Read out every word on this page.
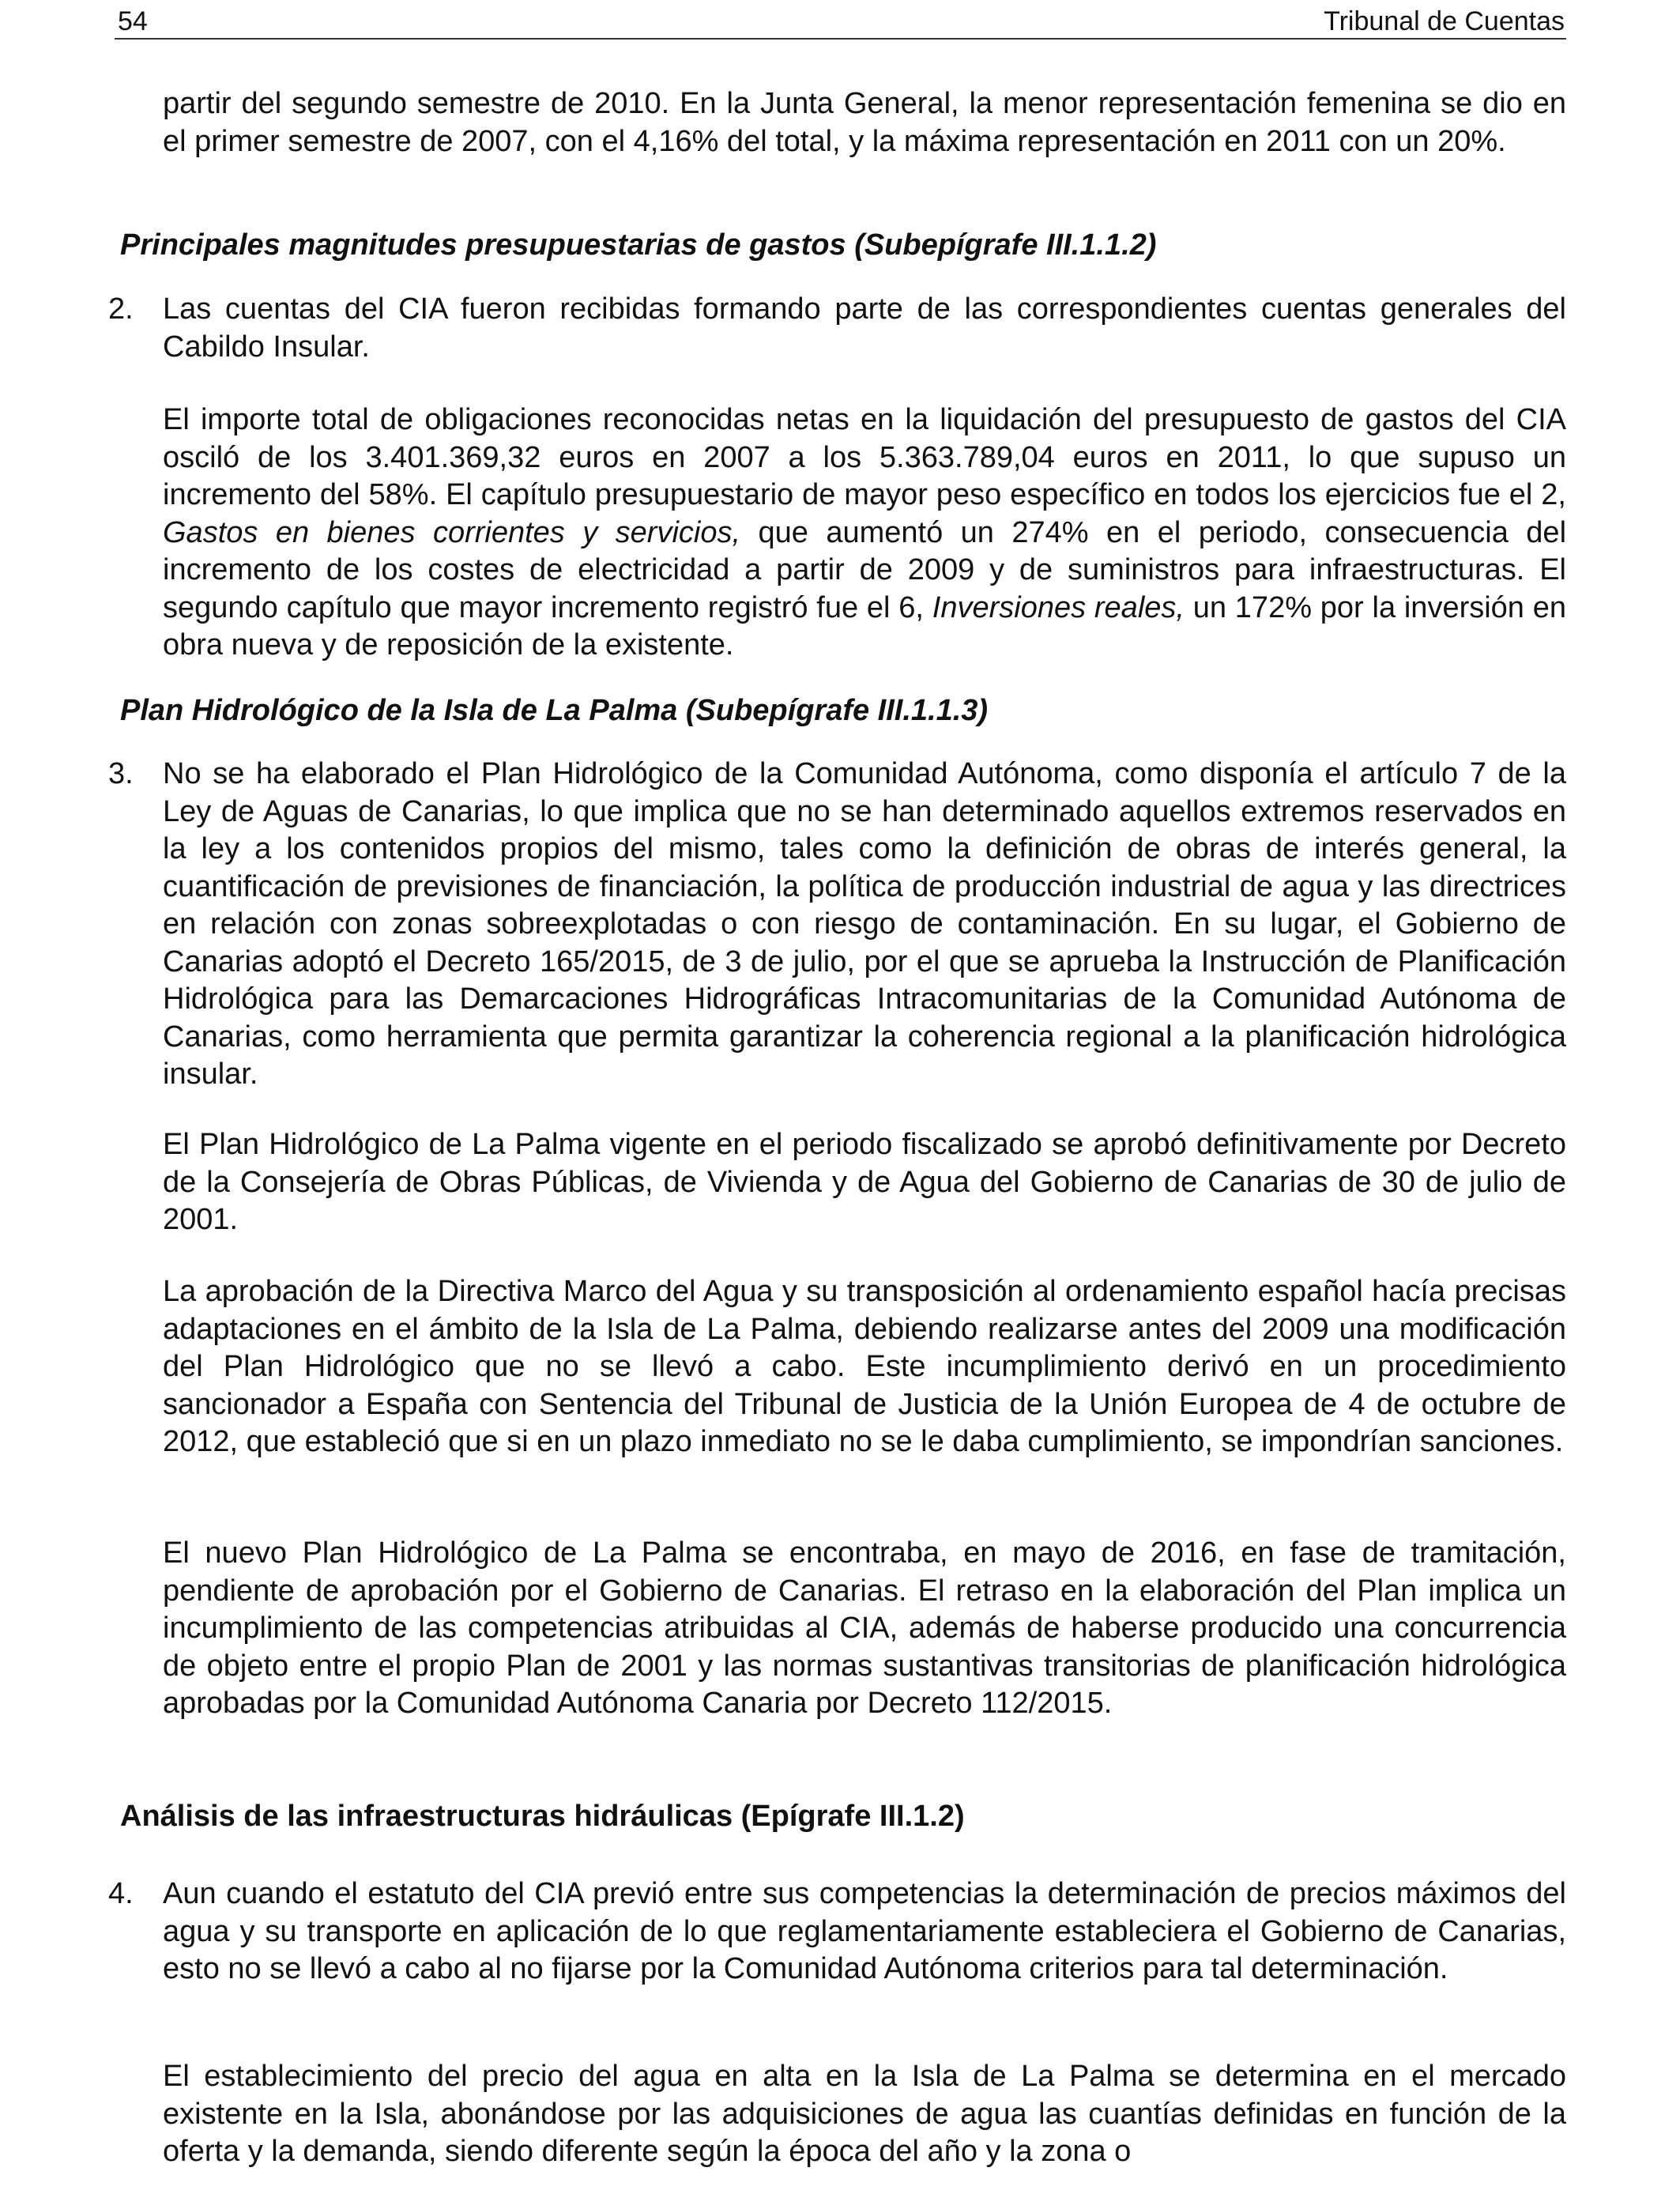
54	Tribunal de Cuentas

partir del segundo semestre de 2010. En la Junta General, la menor representación femenina se dio en el primer semestre de 2007, con el 4,16% del total, y la máxima representación en 2011 con un 20%.

Principales magnitudes presupuestarias de gastos (Subepígrafe III.1.1.2)
2. Las cuentas del CIA fueron recibidas formando parte de las correspondientes cuentas generales del Cabildo Insular.

El importe total de obligaciones reconocidas netas en la liquidación del presupuesto de gastos del CIA osciló de los 3.401.369,32 euros en 2007 a los 5.363.789,04 euros en 2011, lo que supuso un incremento del 58%. El capítulo presupuestario de mayor peso específico en todos los ejercicios fue el 2, Gastos en bienes corrientes y servicios, que aumentó un 274% en el periodo, consecuencia del incremento de los costes de electricidad a partir de 2009 y de suministros para infraestructuras. El segundo capítulo que mayor incremento registró fue el 6, Inversiones reales, un 172% por la inversión en obra nueva y de reposición de la existente.

Plan Hidrológico de la Isla de La Palma (Subepígrafe III.1.1.3)
3. No se ha elaborado el Plan Hidrológico de la Comunidad Autónoma, como disponía el artículo 7 de la Ley de Aguas de Canarias, lo que implica que no se han determinado aquellos extremos reservados en la ley a los contenidos propios del mismo, tales como la definición de obras de interés general, la cuantificación de previsiones de financiación, la política de producción industrial de agua y las directrices en relación con zonas sobreexplotadas o con riesgo de contaminación. En su lugar, el Gobierno de Canarias adoptó el Decreto 165/2015, de 3 de julio, por el que se aprueba la Instrucción de Planificación Hidrológica para las Demarcaciones Hidrográficas Intracomunitarias de la Comunidad Autónoma de Canarias, como herramienta que permita garantizar la coherencia regional a la planificación hidrológica insular.

El Plan Hidrológico de La Palma vigente en el periodo fiscalizado se aprobó definitivamente por Decreto de la Consejería de Obras Públicas, de Vivienda y de Agua del Gobierno de Canarias de 30 de julio de 2001.

La aprobación de la Directiva Marco del Agua y su transposición al ordenamiento español hacía precisas adaptaciones en el ámbito de la Isla de La Palma, debiendo realizarse antes del 2009 una modificación del Plan Hidrológico que no se llevó a cabo. Este incumplimiento derivó en un procedimiento sancionador a España con Sentencia del Tribunal de Justicia de la Unión Europea de 4 de octubre de 2012, que estableció que si en un plazo inmediato no se le daba cumplimiento, se impondrían sanciones.

El nuevo Plan Hidrológico de La Palma se encontraba, en mayo de 2016, en fase de tramitación, pendiente de aprobación por el Gobierno de Canarias. El retraso en la elaboración del Plan implica un incumplimiento de las competencias atribuidas al CIA, además de haberse producido una concurrencia de objeto entre el propio Plan de 2001 y las normas sustantivas transitorias de planificación hidrológica aprobadas por la Comunidad Autónoma Canaria por Decreto 112/2015.

Análisis de las infraestructuras hidráulicas (Epígrafe III.1.2)
4. Aun cuando el estatuto del CIA previó entre sus competencias la determinación de precios máximos del agua y su transporte en aplicación de lo que reglamentariamente estableciera el Gobierno de Canarias, esto no se llevó a cabo al no fijarse por la Comunidad Autónoma criterios para tal determinación.

El establecimiento del precio del agua en alta en la Isla de La Palma se determina en el mercado existente en la Isla, abonándose por las adquisiciones de agua las cuantías definidas en función de la oferta y la demanda, siendo diferente según la época del año y la zona o
